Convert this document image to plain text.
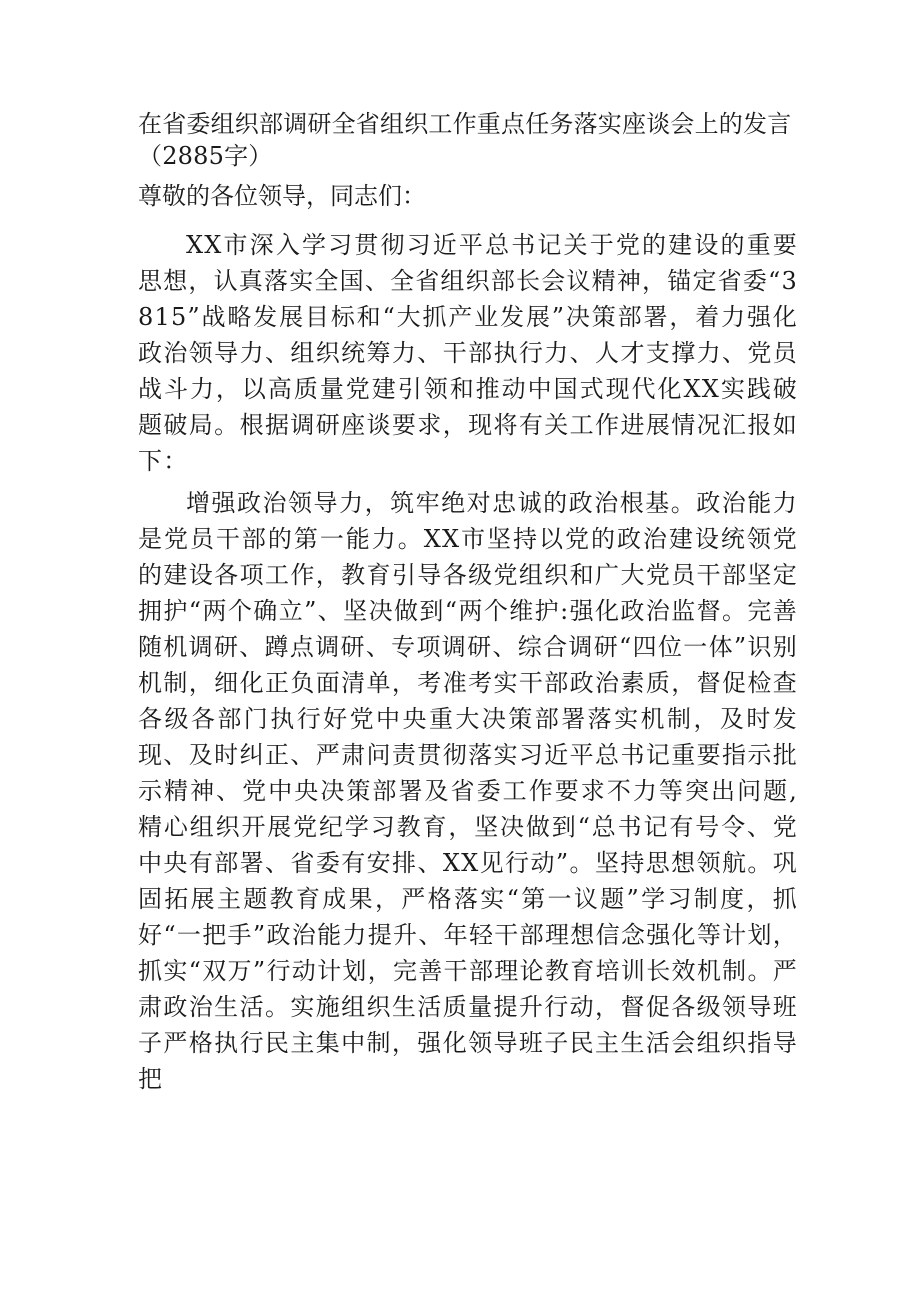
在省委组织部调研全省组织工作重点任务落实座谈会上的发言（2885字）
尊敬的各位领导，同志们：

XX市深入学习贯彻习近平总书记关于党的建设的重要思想，认真落实全国、全省组织部长会议精神，锚定省委“3815”战略发展目标和“大抓产业发展”决策部署，着力强化政治领导力、组织统筹力、干部执行力、人才支撑力、党员战斗力，以高质量党建引领和推动中国式现代化XX实践破题破局。根据调研座谈要求，现将有关工作进展情况汇报如下：

增强政治领导力，筑牢绝对忠诚的政治根基。政治能力是党员干部的第一能力。XX市坚持以党的政治建设统领党的建设各项工作，教育引导各级党组织和广大党员干部坚定拥护“两个确立”、坚决做到“两个维护:强化政治监督。完善随机调研、蹲点调研、专项调研、综合调研“四位一体”识别机制，细化正负面清单，考准考实干部政治素质，督促检查各级各部门执行好党中央重大决策部署落实机制，及时发现、及时纠正、严肃问责贯彻落实习近平总书记重要指示批示精神、党中央决策部署及省委工作要求不力等突出问题,精心组织开展党纪学习教育，坚决做到“总书记有号令、党中央有部署、省委有安排、XX见行动”。坚持思想领航。巩固拓展主题教育成果，严格落实“第一议题”学习制度，抓好“一把手”政治能力提升、年轻干部理想信念强化等计划，抓实“双万”行动计划，完善干部理论教育培训长效机制。严肃政治生活。实施组织生活质量提升行动，督促各级领导班子严格执行民主集中制，强化领导班子民主生活会组织指导把
